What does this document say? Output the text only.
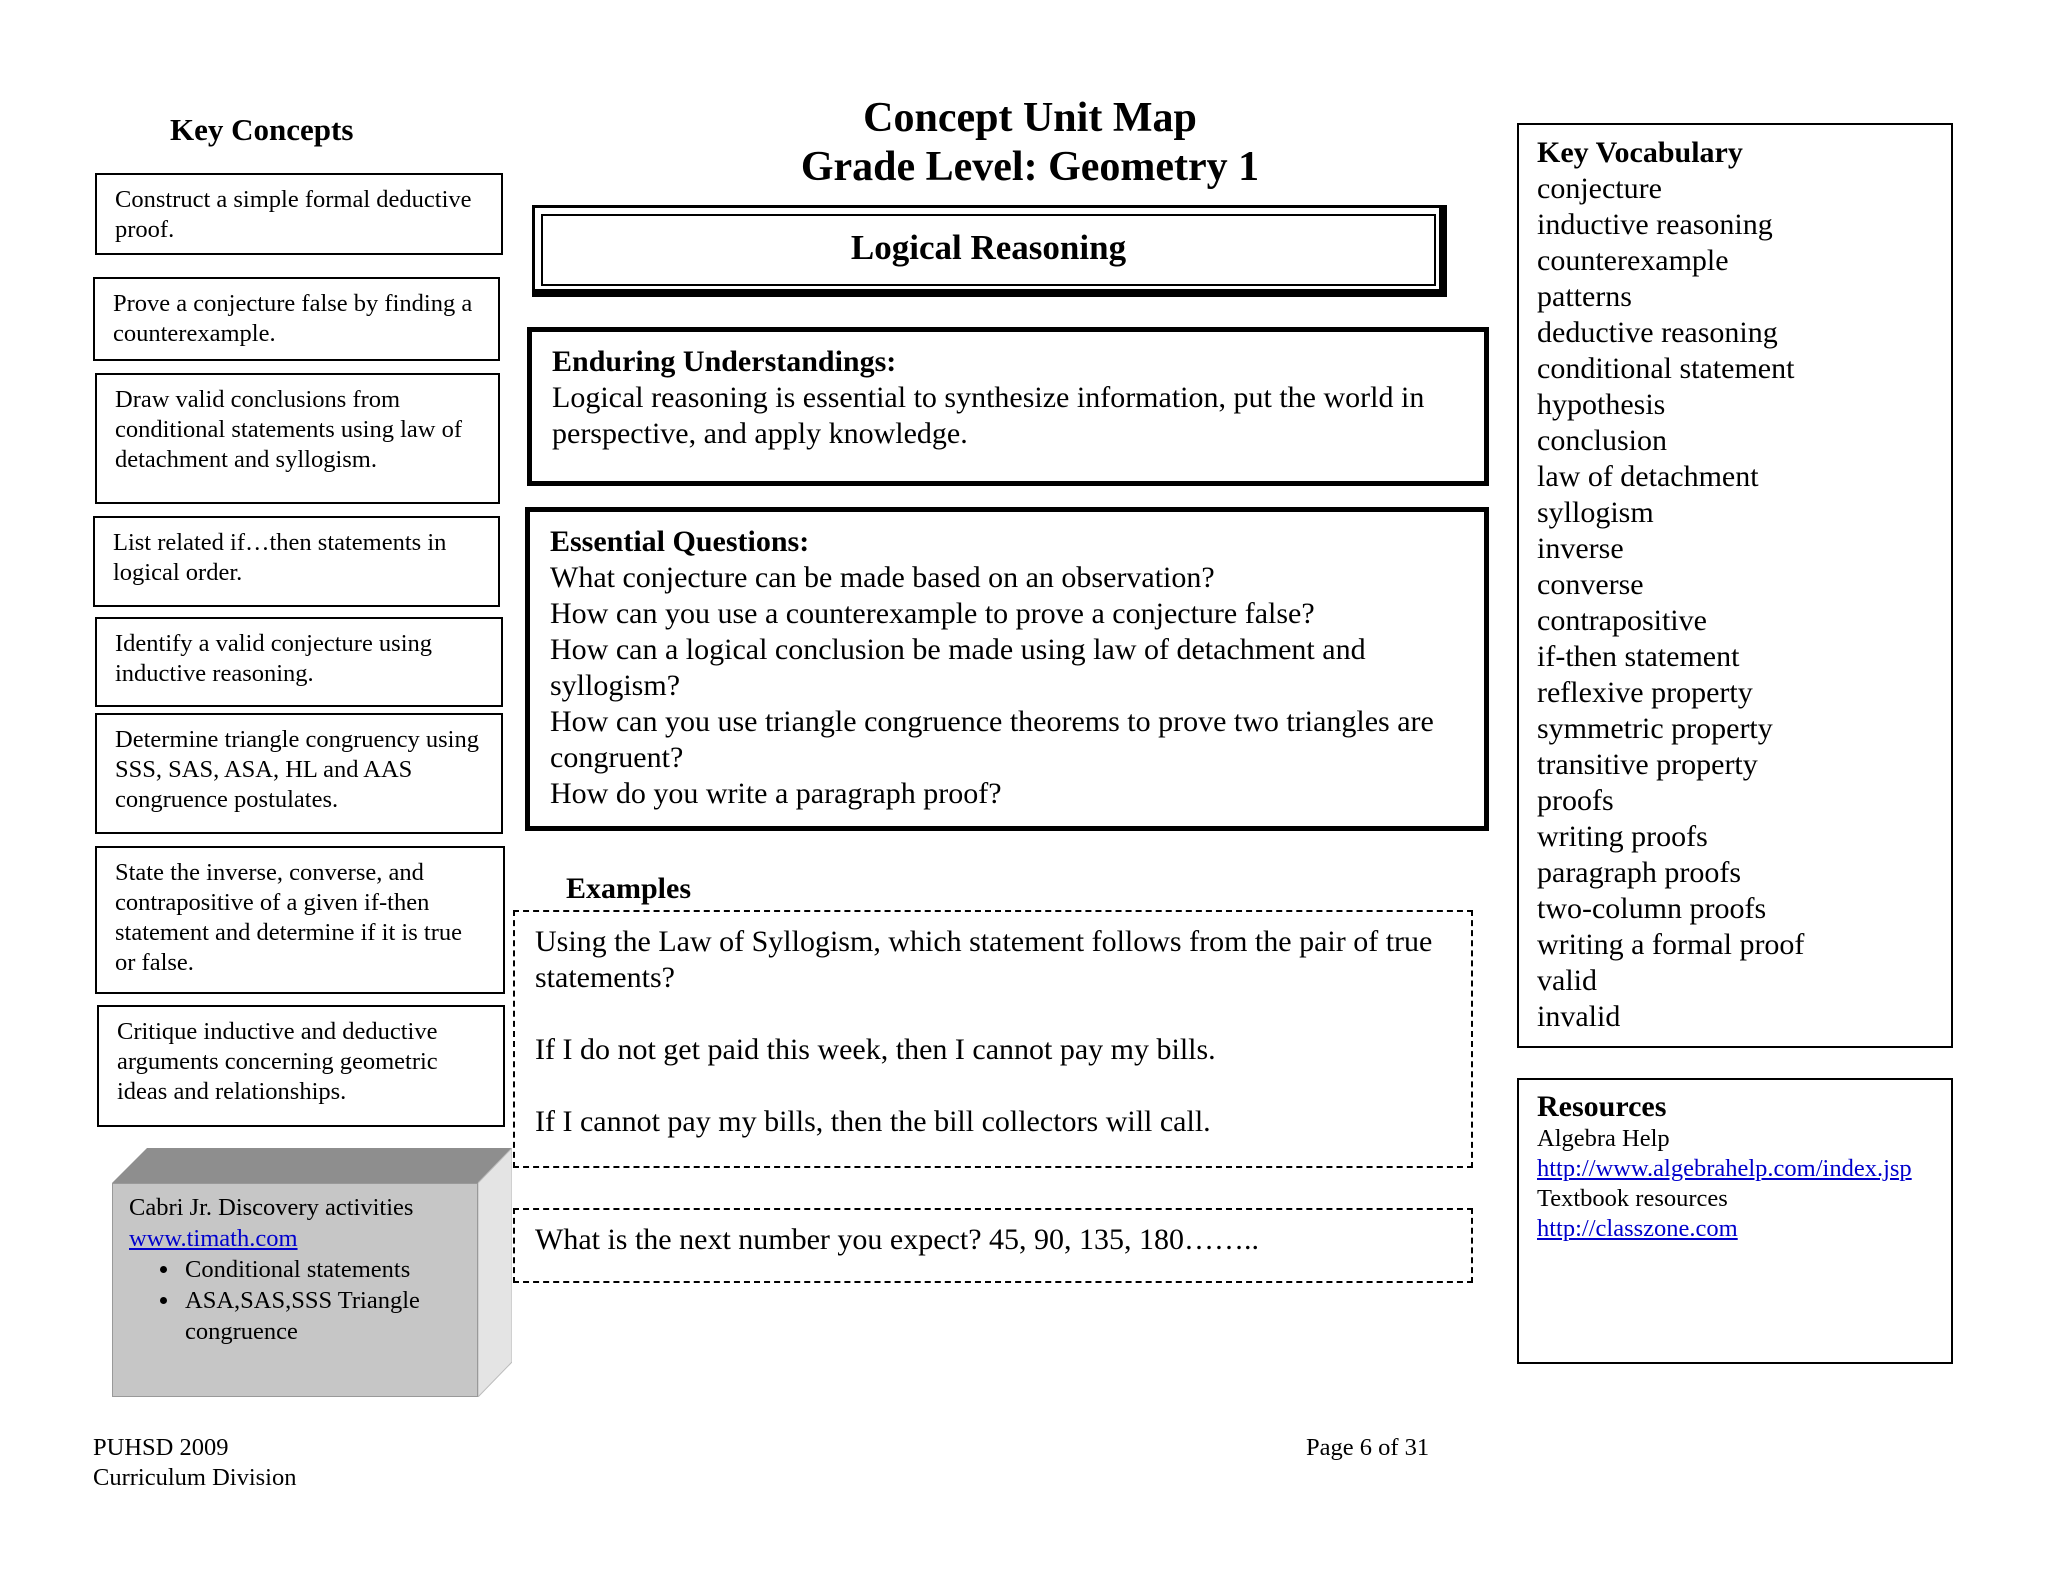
Key Concepts
Construct a simple formal deductive proof.
Prove a conjecture false by finding a counterexample.
Draw valid conclusions from conditional statements using law of detachment and syllogism.
List related if…then statements in logical order.
Identify a valid conjecture using inductive reasoning.
Determine triangle congruency using SSS, SAS, ASA, HL and AAS congruence postulates.
State the inverse, converse, and contrapositive of a given if-then statement and determine if it is true or false.
Critique inductive and deductive arguments concerning geometric ideas and relationships.
Cabri Jr. Discovery activities
www.timath.com
• Conditional statements
• ASA,SAS,SSS Triangle congruence
Concept Unit Map
Grade Level: Geometry 1
Logical Reasoning
Enduring Understandings:
Logical reasoning is essential to synthesize information, put the world in perspective, and apply knowledge.
Essential Questions:
What conjecture can be made based on an observation?
How can you use a counterexample to prove a conjecture false?
How can a logical conclusion be made using law of detachment and syllogism?
How can you use triangle congruence theorems to prove two triangles are congruent?
How do you write a paragraph proof?
Examples
Using the Law of Syllogism, which statement follows from the pair of true statements?
If I do not get paid this week, then I cannot pay my bills.
If I cannot pay my bills, then the bill collectors will call.
What is the next number you expect? 45, 90, 135, 180……..
Key Vocabulary
conjecture
inductive reasoning
counterexample
patterns
deductive reasoning
conditional statement
hypothesis
conclusion
law of detachment
syllogism
inverse
converse
contrapositive
if-then statement
reflexive property
symmetric property
transitive property
proofs
writing proofs
paragraph proofs
two-column proofs
writing a formal proof
valid
invalid
Resources
Algebra Help
http://www.algebrahelp.com/index.jsp
Textbook resources
http://classzone.com
PUHSD 2009
Curriculum Division
Page 6 of 31
